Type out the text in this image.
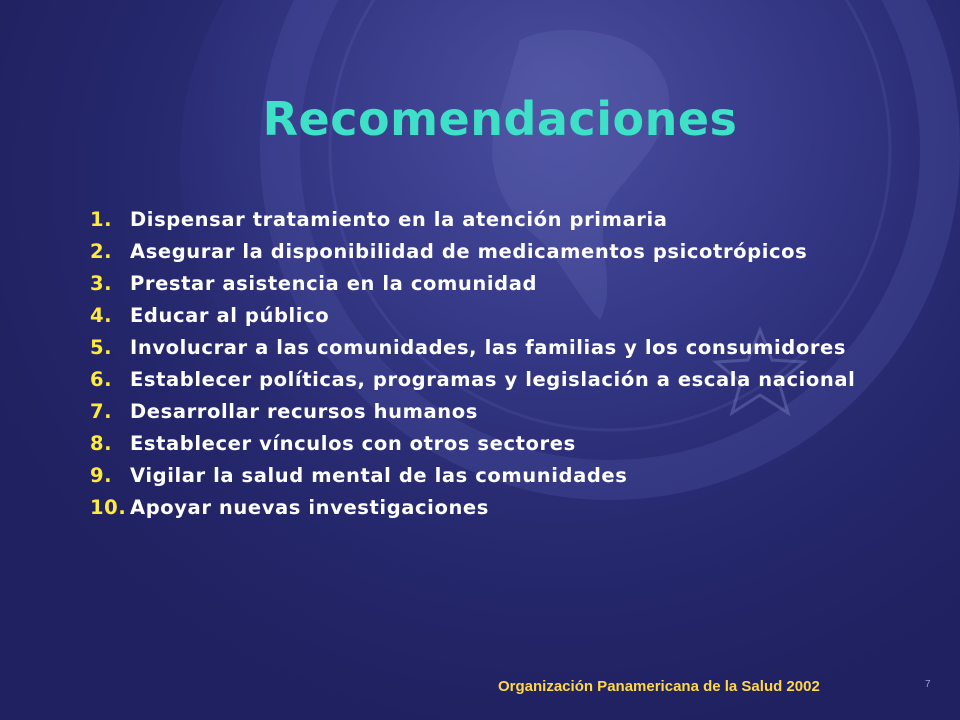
Recomendaciones
1. Dispensar tratamiento en la atención primaria
2. Asegurar la disponibilidad de medicamentos psicotrópicos
3. Prestar asistencia en la comunidad
4. Educar al público
5. Involucrar a las comunidades, las familias y los consumidores
6. Establecer políticas, programas y legislación a escala nacional
7. Desarrollar recursos humanos
8. Establecer vínculos con otros sectores
9. Vigilar la salud mental de las comunidades
10. Apoyar nuevas investigaciones
Organización Panamericana de la Salud 2002	7
